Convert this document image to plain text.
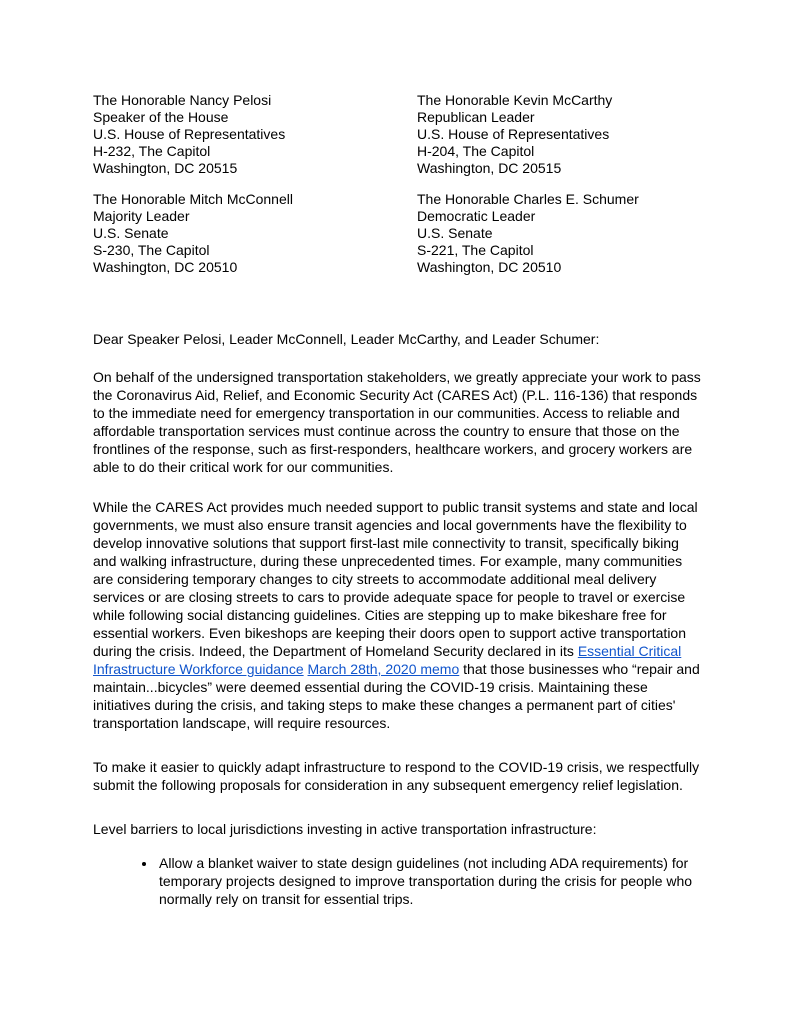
The Honorable Nancy Pelosi
Speaker of the House
U.S. House of Representatives
H-232, The Capitol
Washington, DC 20515
The Honorable Kevin McCarthy
Republican Leader
U.S. House of Representatives
H-204, The Capitol
Washington, DC 20515
The Honorable Mitch McConnell
Majority Leader
U.S. Senate
S-230, The Capitol
Washington, DC 20510
The Honorable Charles E. Schumer
Democratic Leader
U.S. Senate
S-221, The Capitol
Washington, DC 20510

Dear Speaker Pelosi, Leader McConnell, Leader McCarthy, and Leader Schumer:

On behalf of the undersigned transportation stakeholders, we greatly appreciate your work to pass the Coronavirus Aid, Relief, and Economic Security Act (CARES Act) (P.L. 116-136) that responds to the immediate need for emergency transportation in our communities. Access to reliable and affordable transportation services must continue across the country to ensure that those on the frontlines of the response, such as first-responders, healthcare workers, and grocery workers are able to do their critical work for our communities.

While the CARES Act provides much needed support to public transit systems and state and local governments, we must also ensure transit agencies and local governments have the flexibility to develop innovative solutions that support first-last mile connectivity to transit, specifically biking and walking infrastructure, during these unprecedented times. For example, many communities are considering temporary changes to city streets to accommodate additional meal delivery services or are closing streets to cars to provide adequate space for people to travel or exercise while following social distancing guidelines. Cities are stepping up to make bikeshare free for essential workers. Even bikeshops are keeping their doors open to support active transportation during the crisis. Indeed, the Department of Homeland Security declared in its Essential Critical Infrastructure Workforce guidance March 28th, 2020 memo that those businesses who “repair and maintain...bicycles” were deemed essential during the COVID-19 crisis. Maintaining these initiatives during the crisis, and taking steps to make these changes a permanent part of cities' transportation landscape, will require resources.

To make it easier to quickly adapt infrastructure to respond to the COVID-19 crisis, we respectfully submit the following proposals for consideration in any subsequent emergency relief legislation.

Level barriers to local jurisdictions investing in active transportation infrastructure:

• Allow a blanket waiver to state design guidelines (not including ADA requirements) for temporary projects designed to improve transportation during the crisis for people who normally rely on transit for essential trips.
